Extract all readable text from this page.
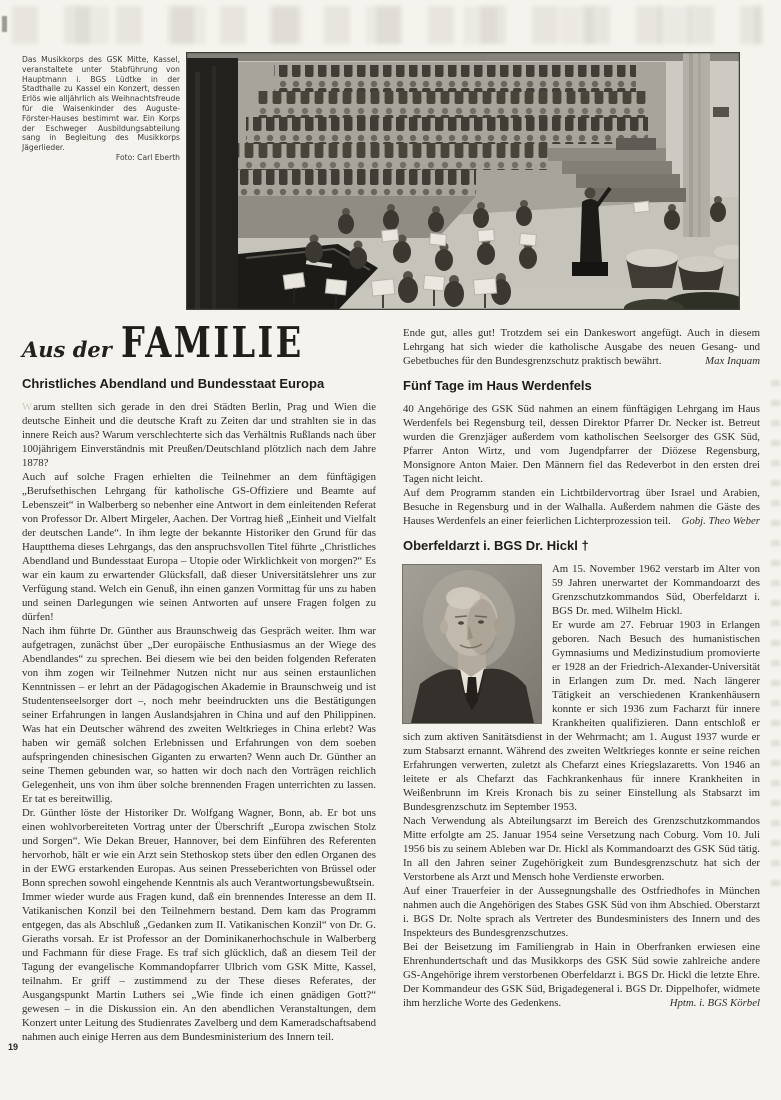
Das Musikkorps des GSK Mitte, Kassel, veranstaltete unter Stabführung von Hauptmann i. BGS Lüdtke in der Stadthalle zu Kassel ein Konzert, dessen Erlös wie alljährlich als Weihnachtsfreude für die Waisenkinder des Auguste-Förster-Hauses bestimmt war. Ein Korps der Eschweger Ausbildungsabteilung sang in Begleitung des Musikkorps Jägerlieder.
Foto: Carl Eberth
Aus der FAMILIE
Christliches Abendland und Bundesstaat Europa

Warum stellten sich gerade in den drei Städten Berlin, Prag und Wien die deutsche Einheit und die deutsche Kraft zu Zeiten dar und strahlten sie in das innere Reich aus? Warum verschlechterte sich das Verhältnis Rußlands nach über 100jährigem Einverständnis mit Preußen/Deutschland plötzlich nach dem Jahre 1878?

Auch auf solche Fragen erhielten die Teilnehmer an dem fünftägigen „Berufsethischen Lehrgang für katholische GS-Offiziere und Beamte auf Lebenszeit“ in Walberberg so nebenher eine Antwort in dem einleitenden Referat von Professor Dr. Albert Mirgeler, Aachen. Der Vortrag hieß „Einheit und Vielfalt der deutschen Lande“. In ihm legte der bekannte Historiker den Grund für das Hauptthema dieses Lehrgangs, das den anspruchsvollen Titel führte „Christliches Abendland und Bundesstaat Europa – Utopie oder Wirklichkeit von morgen?“ Es war ein kaum zu erwartender Glücksfall, daß dieser Universitätslehrer uns zur Verfügung stand. Welch ein Genuß, ihn einen ganzen Vormittag für uns zu haben und seinen Darlegungen wie seinen Antworten auf unsere Fragen folgen zu dürfen!

Nach ihm führte Dr. Günther aus Braunschweig das Gespräch weiter. Ihm war aufgetragen, zunächst über „Der europäische Enthusiasmus an der Wiege des Abendlandes“ zu sprechen. Bei diesem wie bei den beiden folgenden Referaten von ihm zogen wir Teilnehmer Nutzen nicht nur aus seinen erstaunlichen Kenntnissen – er lehrt an der Pädagogischen Akademie in Braunschweig und ist Studentenseelsorger dort –, noch mehr beeindruckten uns die Bestätigungen seiner Erfahrungen in langen Auslandsjahren in China und auf den Philippinen. Was hat ein Deutscher während des zweiten Weltkrieges in China erlebt? Was haben wir gemäß solchen Erlebnissen und Erfahrungen von dem soeben aufspringenden chinesischen Giganten zu erwarten? Wenn auch Dr. Günther an seine Themen gebunden war, so hatten wir doch nach den Vorträgen reichlich Gelegenheit, uns von ihm über solche brennenden Fragen unterrichten zu lassen. Er tat es bereitwillig.

Dr. Günther löste der Historiker Dr. Wolfgang Wagner, Bonn, ab. Er bot uns einen wohlvorbereiteten Vortrag unter der Überschrift „Europa zwischen Stolz und Sorgen“. Wie Dekan Breuer, Hannover, bei dem Einführen des Referenten hervorhob, hält er wie ein Arzt sein Stethoskop stets über den edlen Organen des in der EWG erstarkenden Europas. Aus seinen Presseberichten von Brüssel oder Bonn sprechen sowohl eingehende Kenntnis als auch Verantwortungsbewußtsein.

Immer wieder wurde aus Fragen kund, daß ein brennendes Interesse an dem II. Vatikanischen Konzil bei den Teilnehmern bestand. Dem kam das Programm entgegen, das als Abschluß „Gedanken zum II. Vatikanischen Konzil“ von Dr. G. Gieraths vorsah. Er ist Professor an der Dominikanerhochschule in Walberberg und Fachmann für diese Frage. Es traf sich glücklich, daß an diesem Teil der Tagung der evangelische Kommandopfarrer Ulbrich vom GSK Mitte, Kassel, teilnahm. Er griff – zustimmend zu der These dieses Referates, der Ausgangspunkt Martin Luthers sei „Wie finde ich einen gnädigen Gott?“ gewesen – in die Diskussion ein. An den abendlichen Veranstaltungen, dem Konzert unter Leitung des Studienrates Zavelberg und dem Kameradschaftsabend nahmen auch einige Herren aus dem Bundesministerium des Innern teil.

Ende gut, alles gut! Trotzdem sei ein Dankeswort angefügt. Auch in diesem Lehrgang hat sich wieder die katholische Ausgabe des neuen Gesang- und Gebetbuches für den Bundesgrenzschutz praktisch bewährt.	Max Inquam
Fünf Tage im Haus Werdenfels

40 Angehörige des GSK Süd nahmen an einem fünftägigen Lehrgang im Haus Werdenfels bei Regensburg teil, dessen Direktor Pfarrer Dr. Necker ist. Betreut wurden die Grenzjäger außerdem vom katholischen Seelsorger des GSK Süd, Pfarrer Anton Wirtz, und vom Jugendpfarrer der Diözese Regensburg, Monsignore Anton Maier. Den Männern fiel das Redeverbot in den ersten drei Tagen nicht leicht.

Auf dem Programm standen ein Lichtbildervortrag über Israel und Arabien, Besuche in Regensburg und in der Walhalla. Außerdem nahmen die Gäste des Hauses Werdenfels an einer feierlichen Lichterprozession teil. Gobj. Theo Weber
Oberfeldarzt i. BGS Dr. Hickl †

Am 15. November 1962 verstarb im Alter von 59 Jahren unerwartet der Kommandoarzt des Grenzschutzkommandos Süd, Oberfeldarzt i. BGS Dr. med. Wilhelm Hickl.

Er wurde am 27. Februar 1903 in Erlangen geboren. Nach Besuch des humanistischen Gymnasiums und Medizinstudium promovierte er 1928 an der Friedrich-Alexander-Universität in Erlangen zum Dr. med. Nach längerer Tätigkeit an verschiedenen Krankenhäusern konnte er sich 1936 zum Facharzt für innere Krankheiten qualifizieren. Dann entschloß er sich zum aktiven Sanitätsdienst in der Wehrmacht; am 1. August 1937 wurde er zum Stabsarzt ernannt. Während des zweiten Weltkrieges konnte er seine reichen Erfahrungen verwerten, zuletzt als Chefarzt eines Kriegslazaretts. Von 1946 an leitete er als Chefarzt das Fachkrankenhaus für innere Krankheiten in Weißenbrunn im Kreis Kronach bis zu seiner Einstellung als Stabsarzt im Bundesgrenzschutz im September 1953.

Nach Verwendung als Abteilungsarzt im Bereich des Grenzschutzkommandos Mitte erfolgte am 25. Januar 1954 seine Versetzung nach Coburg. Vom 10. Juli 1956 bis zu seinem Ableben war Dr. Hickl als Kommandoarzt des GSK Süd tätig. In all den Jahren seiner Zugehörigkeit zum Bundesgrenzschutz hat sich der Verstorbene als Arzt und Mensch hohe Verdienste erworben.

Auf einer Trauerfeier in der Aussegnungshalle des Ostfriedhofes in München nahmen auch die Angehörigen des Stabes GSK Süd von ihm Abschied. Oberstarzt i. BGS Dr. Nolte sprach als Vertreter des Bundesministers des Innern und des Inspekteurs des Bundesgrenzschutzes.

Bei der Beisetzung im Familiengrab in Hain in Oberfranken erwiesen eine Ehrenhundertschaft und das Musikkorps des GSK Süd sowie zahlreiche andere GS-Angehörige ihrem verstorbenen Oberfeldarzt i. BGS Dr. Hickl die letzte Ehre. Der Kommandeur des GSK Süd, Brigadegeneral i. BGS Dr. Dippelhofer, widmete ihm herzliche Worte des Gedenkens.	Hptm. i. BGS Körbel
19
